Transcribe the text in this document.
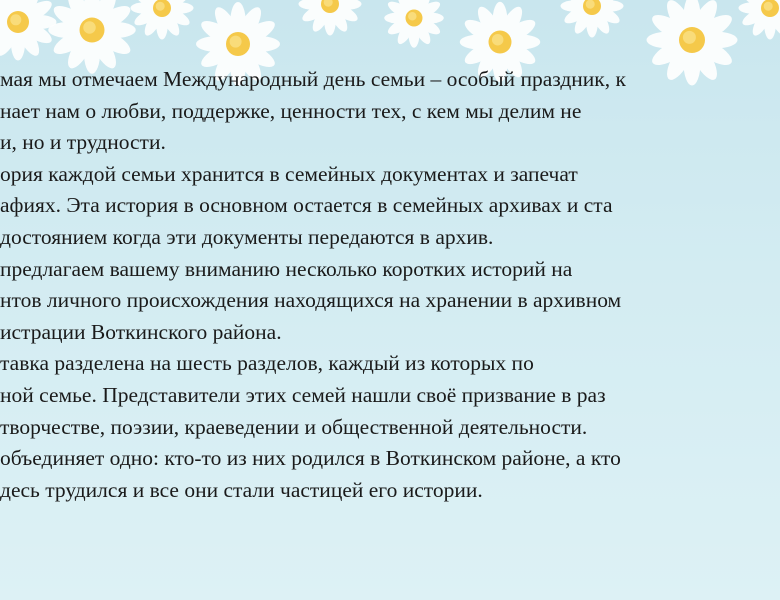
мая мы отмечаем Международный день семьи – особый праздник, к
нает нам о любви, поддержке, ценности тех, с кем мы делим не
и, но и трудности.
ория каждой семьи хранится в семейных документах и запечат
афиях. Эта история в основном остается в семейных архивах и ста
достоянием когда эти документы передаются в архив.
предлагаем вашему вниманию несколько коротких историй на
нтов личного происхождения находящихся на хранении в архивном
истрации Воткинского района.
тавка разделена на шесть разделов, каждый из которых по
ной семье. Представители этих семей нашли своё призвание в раз
творчестве, поэзии, краеведении и общественной деятельности.
объединяет одно: кто-то из них родился в Воткинском районе, а кто
дeсь трудился и все они стали частицей его истории.
